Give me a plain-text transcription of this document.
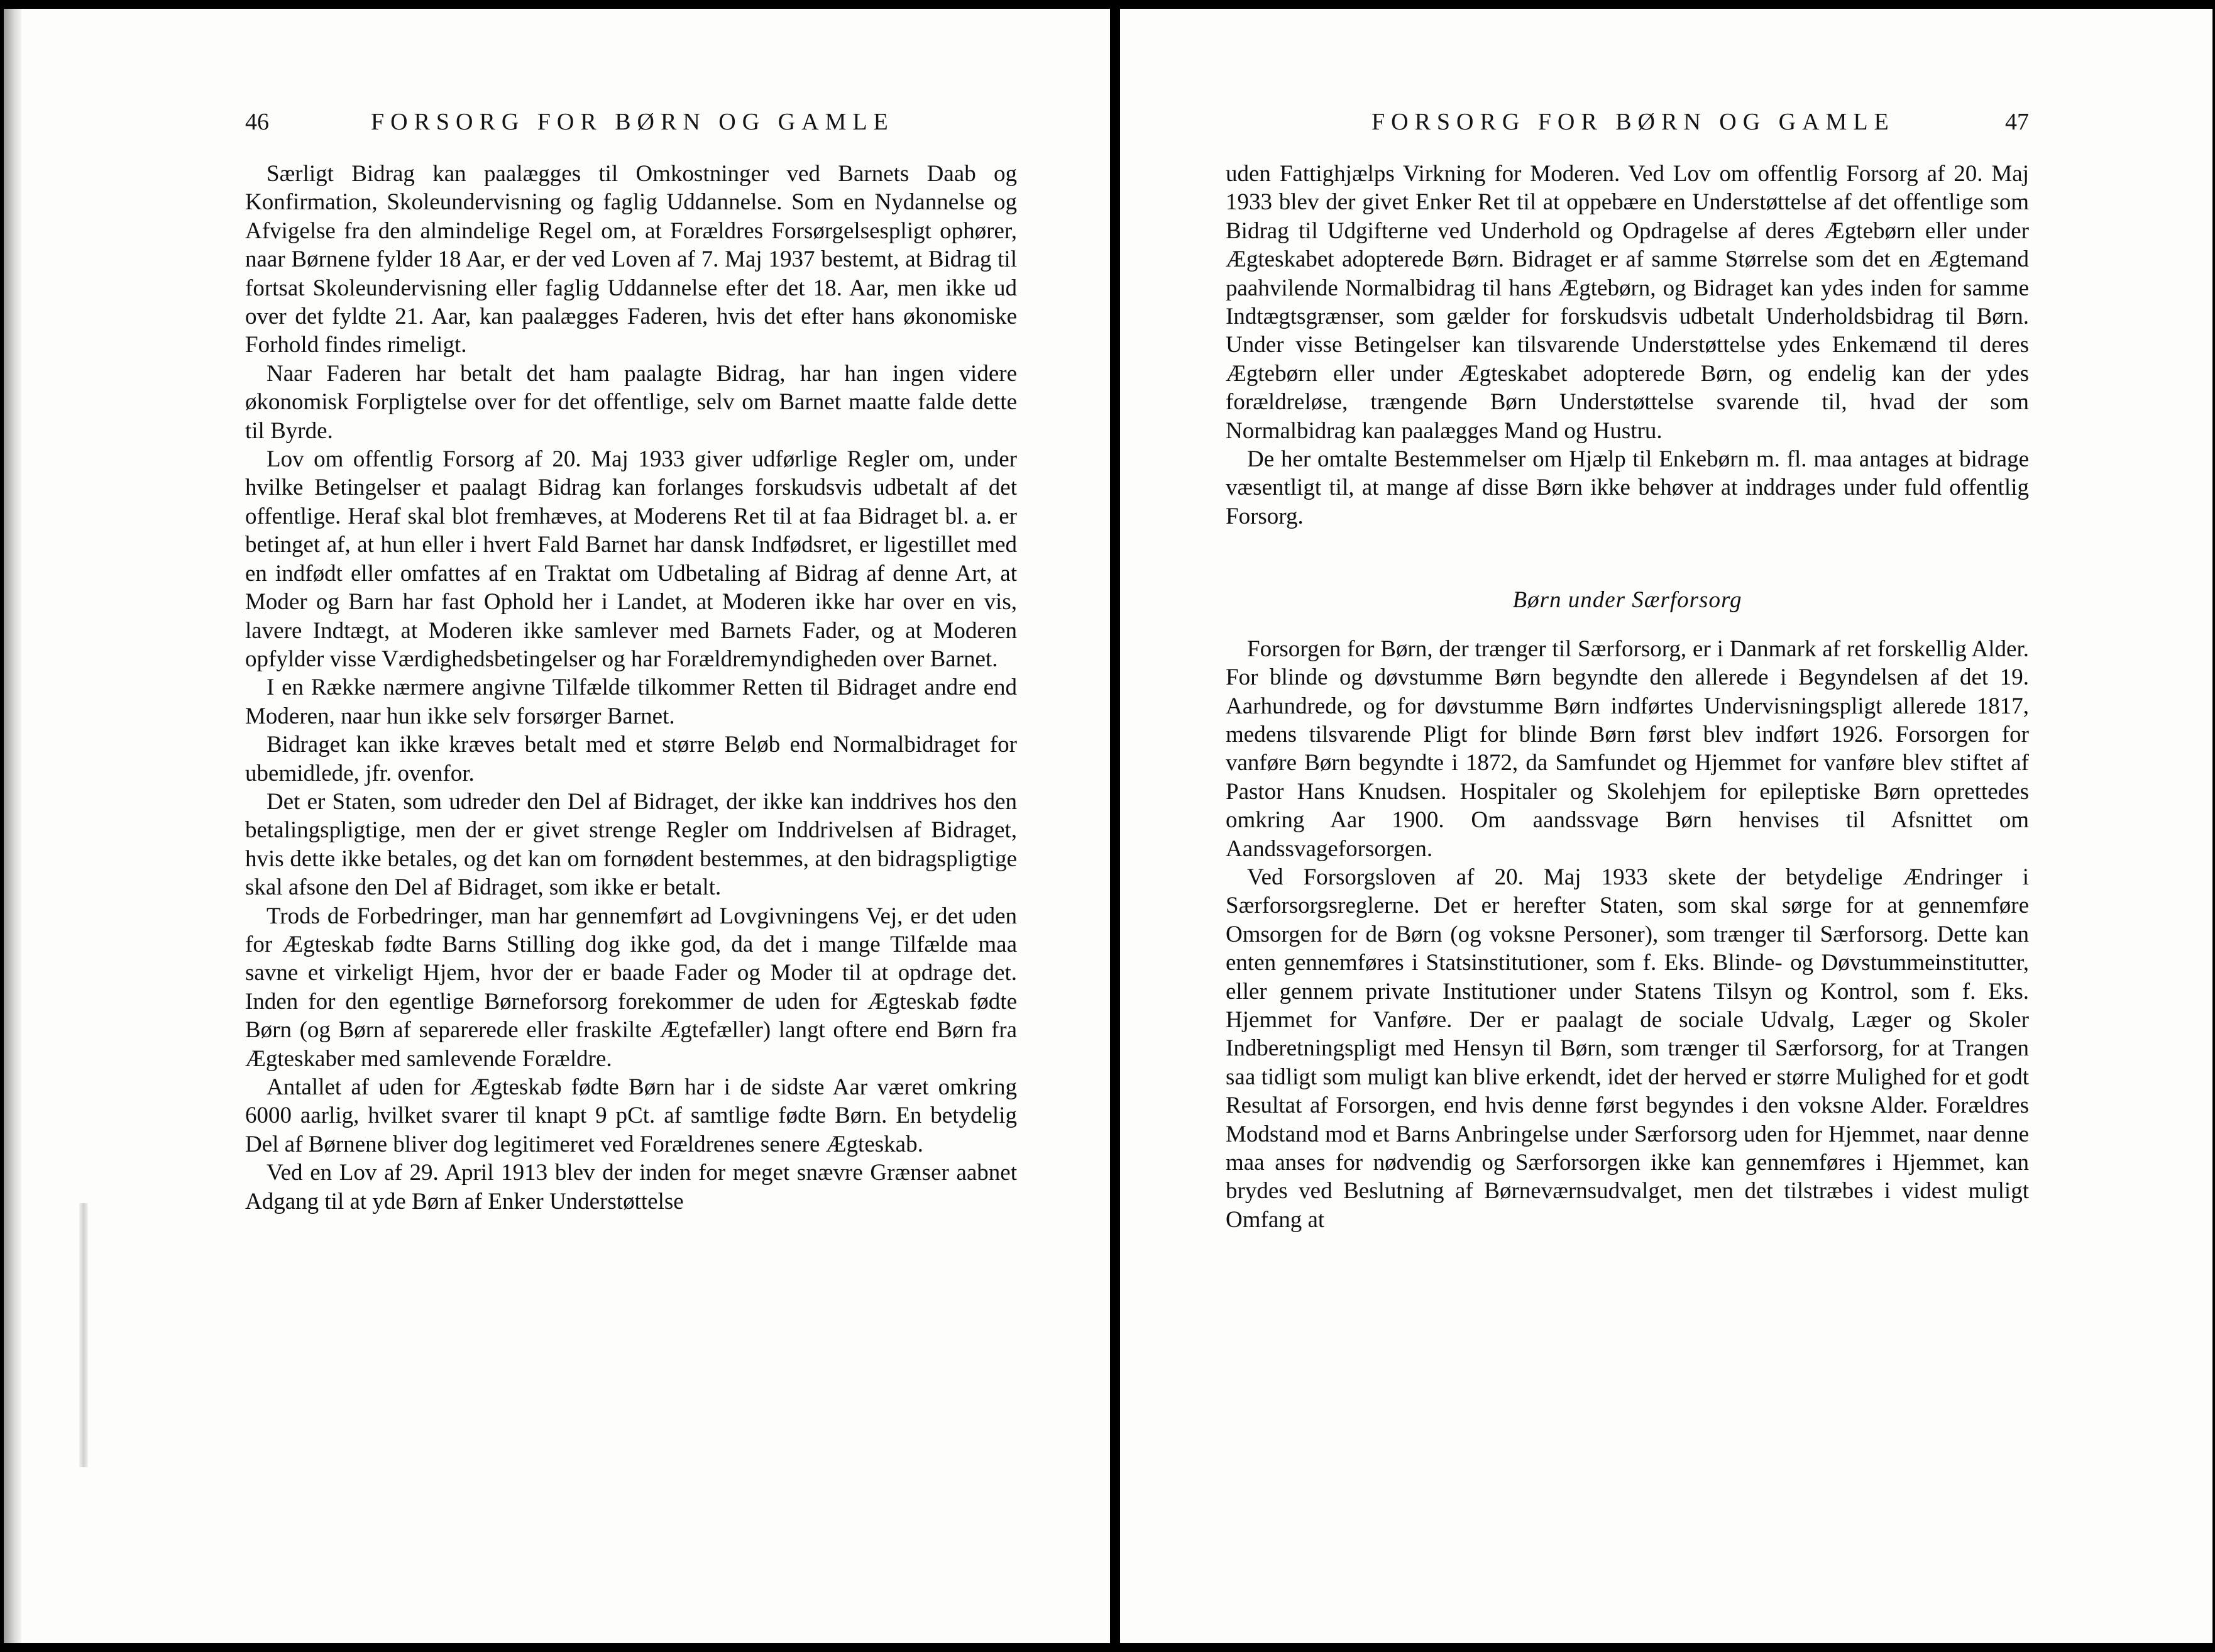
46	FORSORG FOR BØRN OG GAMLE

Særligt Bidrag kan paalægges til Omkostninger ved Barnets Daab og Konfirmation, Skoleundervisning og faglig Uddannelse. Som en Nydannelse og Afvigelse fra den almindelige Regel om, at Forældres Forsørgelsespligt ophører, naar Børnene fylder 18 Aar, er der ved Loven af 7. Maj 1937 bestemt, at Bidrag til fortsat Skoleundervisning eller faglig Uddannelse efter det 18. Aar, men ikke ud over det fyldte 21. Aar, kan paalægges Faderen, hvis det efter hans økonomiske Forhold findes rimeligt.

Naar Faderen har betalt det ham paalagte Bidrag, har han ingen videre økonomisk Forpligtelse over for det offentlige, selv om Barnet maatte falde dette til Byrde.

Lov om offentlig Forsorg af 20. Maj 1933 giver udførlige Regler om, under hvilke Betingelser et paalagt Bidrag kan forlanges forskudsvis udbetalt af det offentlige. Heraf skal blot fremhæves, at Moderens Ret til at faa Bidraget bl. a. er betinget af, at hun eller i hvert Fald Barnet har dansk Indfødsret, er ligestillet med en indfødt eller omfattes af en Traktat om Udbetaling af Bidrag af denne Art, at Moder og Barn har fast Ophold her i Landet, at Moderen ikke har over en vis, lavere Indtægt, at Moderen ikke samlever med Barnets Fader, og at Moderen opfylder visse Værdighedsbetingelser og har Forældremyndigheden over Barnet.

I en Række nærmere angivne Tilfælde tilkommer Retten til Bidraget andre end Moderen, naar hun ikke selv forsørger Barnet.

Bidraget kan ikke kræves betalt med et større Beløb end Normalbidraget for ubemidlede, jfr. ovenfor.

Det er Staten, som udreder den Del af Bidraget, der ikke kan inddrives hos den betalingspligtige, men der er givet strenge Regler om Inddrivelsen af Bidraget, hvis dette ikke betales, og det kan om fornødent bestemmes, at den bidragspligtige skal afsone den Del af Bidraget, som ikke er betalt.

Trods de Forbedringer, man har gennemført ad Lovgivningens Vej, er det uden for Ægteskab fødte Barns Stilling dog ikke god, da det i mange Tilfælde maa savne et virkeligt Hjem, hvor der er baade Fader og Moder til at opdrage det. Inden for den egentlige Børneforsorg forekommer de uden for Ægteskab fødte Børn (og Børn af separerede eller fraskilte Ægtefæller) langt oftere end Børn fra Ægteskaber med samlevende Forældre.

Antallet af uden for Ægteskab fødte Børn har i de sidste Aar været omkring 6000 aarlig, hvilket svarer til knapt 9 pCt. af samtlige fødte Børn. En betydelig Del af Børnene bliver dog legitimeret ved Forældrenes senere Ægteskab.

Ved en Lov af 29. April 1913 blev der inden for meget snævre Grænser aabnet Adgang til at yde Børn af Enker Understøttelse

FORSORG FOR BØRN OG GAMLE	47

uden Fattighjælps Virkning for Moderen. Ved Lov om offentlig Forsorg af 20. Maj 1933 blev der givet Enker Ret til at oppebære en Understøttelse af det offentlige som Bidrag til Udgifterne ved Underhold og Opdragelse af deres Ægtebørn eller under Ægteskabet adopterede Børn. Bidraget er af samme Størrelse som det en Ægtemand paahvilende Normalbidrag til hans Ægtebørn, og Bidraget kan ydes inden for samme Indtægtsgrænser, som gælder for forskudsvis udbetalt Underholdsbidrag til Børn. Under visse Betingelser kan tilsvarende Understøttelse ydes Enkemænd til deres Ægtebørn eller under Ægteskabet adopterede Børn, og endelig kan der ydes forældreløse, trængende Børn Understøttelse svarende til, hvad der som Normalbidrag kan paalægges Mand og Hustru.

De her omtalte Bestemmelser om Hjælp til Enkebørn m. fl. maa antages at bidrage væsentligt til, at mange af disse Børn ikke behøver at inddrages under fuld offentlig Forsorg.

Børn under Særforsorg

Forsorgen for Børn, der trænger til Særforsorg, er i Danmark af ret forskellig Alder. For blinde og døvstumme Børn begyndte den allerede i Begyndelsen af det 19. Aarhundrede, og for døvstumme Børn indførtes Undervisningspligt allerede 1817, medens tilsvarende Pligt for blinde Børn først blev indført 1926. Forsorgen for vanføre Børn begyndte i 1872, da Samfundet og Hjemmet for vanføre blev stiftet af Pastor Hans Knudsen. Hospitaler og Skolehjem for epileptiske Børn oprettedes omkring Aar 1900. Om aandssvage Børn henvises til Afsnittet om Aandssvageforsorgen.

Ved Forsorgsloven af 20. Maj 1933 skete der betydelige Ændringer i Særforsorgsreglerne. Det er herefter Staten, som skal sørge for at gennemføre Omsorgen for de Børn (og voksne Personer), som trænger til Særforsorg. Dette kan enten gennemføres i Statsinstitutioner, som f. Eks. Blinde- og Døvstummeinstitutter, eller gennem private Institutioner under Statens Tilsyn og Kontrol, som f. Eks. Hjemmet for Vanføre. Der er paalagt de sociale Udvalg, Læger og Skoler Indberetningspligt med Hensyn til Børn, som trænger til Særforsorg, for at Trangen saa tidligt som muligt kan blive erkendt, idet der herved er større Mulighed for et godt Resultat af Forsorgen, end hvis denne først begyndes i den voksne Alder. Forældres Modstand mod et Barns Anbringelse under Særforsorg uden for Hjemmet, naar denne maa anses for nødvendig og Særforsorgen ikke kan gennemføres i Hjemmet, kan brydes ved Beslutning af Børneværnsudvalget, men det tilstræbes i videst muligt Omfang at
